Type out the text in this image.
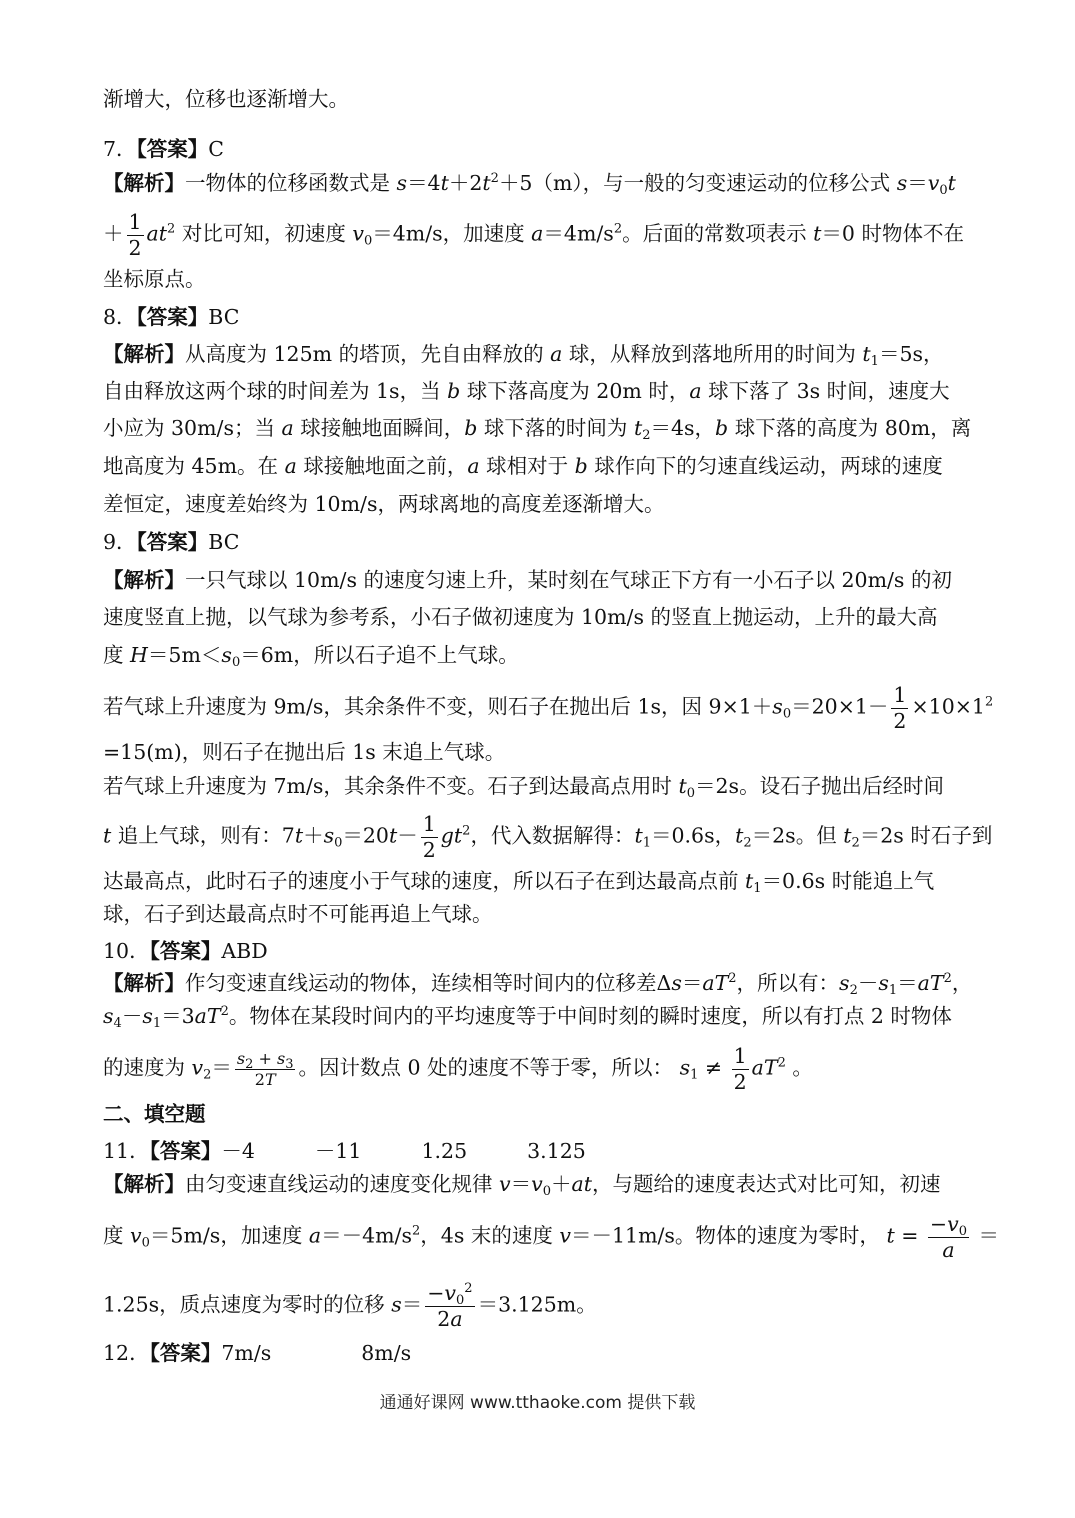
渐增大，位移也逐渐增大。
7．【答案】C
【解析】一物体的位移函数式是 $s=4t+2t^2+5(m)$，与一般的匀变速运动的位移公式 $s=v_0t$
＋ $\frac{1}{2} at^2$ 对比可知，初速度 $v_0=4m/s$，加速度 $a=4m/s^2$。后面的常数项表示 t＝0 时物体不在
坐标原点。
8．【答案】BC
【解析】从高度为 125m 的塔顶，先自由释放的 a 球，从释放到落地所用的时间为 $t_1=5s$，
自由释放这两个球的时间差为 1s，当 b 球下落高度为 20m 时，a 球下落了 3s 时间，速度大
小应为 30m/s；当 a 球接触地面瞬间，b 球下落的时间为 $t_2=4s$，b 球下落的高度为 80m，离
地高度为 45m。在 a 球接触地面之前，a 球相对于 b 球作向下的匀速直线运动，两球的速度
差恒定，速度差始终为 10m/s，两球离地的高度差逐渐增大。
9．【答案】BC
【解析】一只气球以 10m/s 的速度匀速上升，某时刻在气球正下方有一小石子以 20m/s 的初
速度竖直上抛，以气球为参考系，小石子做初速度为 10m/s 的竖直上抛运动，上升的最大高
度 $H=5m<s_0=6m$，所以石子追不上气球。
若气球上升速度为 9m/s，其余条件不变，则石子在抛出后 1s，因 $9\times 1+s_0=20\times 1- \frac{1}{2} \times 10\times 1^2$
=15(m)，则石子在抛出后 1s 末追上气球。
若气球上升速度为 7m/s，其余条件不变。石子到达最高点用时 $t_0=2s$。设石子抛出后经时间
t 追上气球，则有：$7t+s_0=20t- \frac{1}{2} gt^2$，代入数据解得：$t_1=0.6s$，$t_2=2s$。但 $t_2=2s$ 时石子到
达最高点，此时石子的速度小于气球的速度，所以石子在到达最高点前 $t_1=0.6s$ 时能追上气
球，石子到达最高点时不可能再追上气球。
10．【答案】ABD
【解析】作匀变速直线运动的物体，连续相等时间内的位移差$\Delta s=aT^2$，所以有：$s_2-s_1=aT^2$，
$s_4-s_1=3aT^2$。物体在某段时间内的平均速度等于中间时刻的瞬时速度，所以有打点 2 时物体
的速度为 $v_2= \frac{s_2 + s_3}{2T}$ 。因计数点 0 处的速度不等于零，所以： $s_1 \ne \frac{1}{2} aT^2$ 。
二、填空题
11．【答案】－4	－11	1.25	3.125
【解析】由匀变速直线运动的速度变化规律 $v=v_0+at$，与题给的速度表达式对比可知，初速
度 $v_0=5m/s$，加速度 $a=-4m/s^2$，4s 末的速度 v＝－11m/s。物体的速度为零时， $t = \frac{-v_0}{a}$ ＝
1.25s，质点速度为零时的位移 $s= \frac{-v_0^2}{2a} =3.125m$。
12．【答案】7m/s	8m/s
通通好课网 www.tthaoke.com 提供下载
